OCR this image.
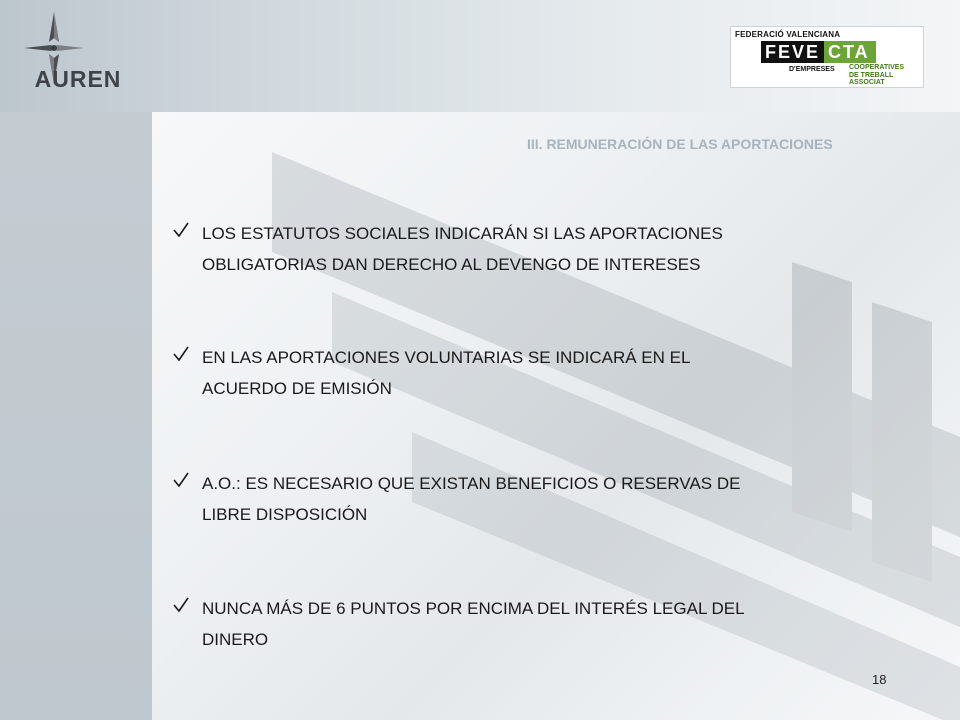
AUREN
FEDERACIÓ VALENCIANA
FEVE CTA
D'EMPRESES COOPERATIVES
DE TREBALL
ASSOCIAT
III. REMUNERACIÓN DE LAS APORTACIONES
LOS ESTATUTOS SOCIALES INDICARÁN SI LAS APORTACIONES
OBLIGATORIAS DAN DERECHO AL DEVENGO DE INTERESES
EN LAS APORTACIONES VOLUNTARIAS SE INDICARÁ EN EL
ACUERDO DE EMISIÓN
A.O.: ES NECESARIO QUE EXISTAN BENEFICIOS O RESERVAS DE
LIBRE DISPOSICIÓN
NUNCA MÁS DE 6 PUNTOS POR ENCIMA DEL INTERÉS LEGAL DEL
DINERO
18
